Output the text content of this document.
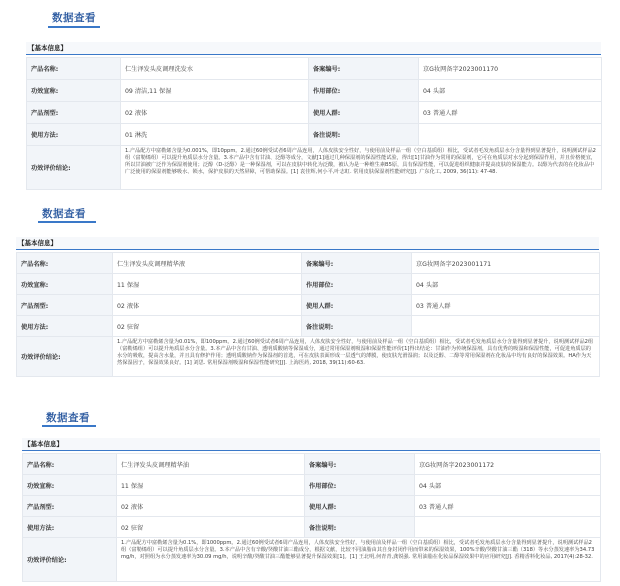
数据查看
【基本信息】
产品名称:	仁生泽发头皮调理洗发水	备案编号:	京G妆网备字2023001170
功效宣称:	09 清洁,11 保湿	作用部位:	04 头部
产品剂型:	02 液体	使用人群:	03 普通人群
使用方法:	01 淋洗	备注说明:	
功效评价结论:	1.产品配方中富勒烯含量为0.001%，即10ppm。2.通过60例受试者6周产品连用，人体皮肤安全性好，与使用前及样品一组（空白基质组）相比，受试者毛发角质层水分含量得到显著提升，说明测试样品2组（富勒烯组）可以提升角质层水分含量。3.本产品中含有甘油、泛醇等成分，文献[1]通过几种保湿剂的保湿性能试验，得出[1]甘油作为常用的保湿剂，它可在角质层对水分起到保湿作用，并且价格便宜，所以甘油被广泛作为保湿剂使用；泛醇（D-泛醇）是一种保湿剂，可以在皮肤中转化为泛酸，被认为是一种维生素B5原，具有保湿性能，可以促进组织健康并提高皮肤的保湿能力。以醇为代表的在化妆品中广泛使用的保湿剂能够吸水、锁水，保护皮肤的天然屏障，可帮助保湿。[1] 袁佳辉,何小平,叶志虹. 常用皮肤保湿剂性能研究[J]. 广东化工, 2009, 36(11): 47-48.		
数据查看
【基本信息】
产品名称:	仁生泽发头皮调理精华液	备案编号:	京G妆网备字2023001171
功效宣称:	11 保湿	作用部位:	04 头部
产品剂型:	02 液体	使用人群:	03 普通人群
使用方法:	02 驻留	备注说明:	
功效评价结论:	1.产品配方中富勒烯含量为0.01%，即100ppm。2.通过60例受试者6周产品连用，人体皮肤安全性好，与使用前及样品一组（空白基质组）相比，受试者毛发角质层水分含量得到显著提升，说明测试样品2组（富勒烯组）可以提升角质层水分含量。3.本产品中含有甘油、透明质酸钠等保湿成分，通过常用保湿剂吸湿和保湿性能评价[1]得出结论：甘油作为传统保湿剂，具有优秀的吸湿和保湿性能，可促进角质层的水分的吸收，提高含水量，并且具有修护作用；透明质酸钠作为保湿剂的首选，可在皮肤表面形成一层透气的薄膜，使皮肤光滑湿润；以及泛醇、二醇等常用保湿剂在化妆品中均有良好的保湿效果。HA作为天然保湿因子，保湿效果良好。[1] 刘思. 常用保湿剂吸湿和保湿性能研究[J]. 上海医药, 2018, 39(11):60-63.		
数据查看
【基本信息】
产品名称:	仁生泽发头皮调理精华油	备案编号:	京G妆网备字2023001172
功效宣称:	11 保湿	作用部位:	04 头部
产品剂型:	02 液体	使用人群:	03 普通人群
使用方法:	02 驻留	备注说明:	
功效评价结论:	1.产品配方中富勒烯含量为0.1%，即1000ppm。2.通过60例受试者6周产品连用，人体皮肤安全性好，与使用前及样品一组（空白基质组）相比，受试者毛发角质层水分含量得到显著提升，说明测试样品2组（富勒烯组）可以提升角质层水分含量。3.本产品中含有辛酸/癸酸甘油三酯成分，根据文献，比较不同油脂由其自身封闭作用而带来的保湿效果，100%辛酸/癸酸甘油三酯（318）等水分蒸发速率为34.73 mg/h，对照组为水分蒸发速率为30.09 mg/h，说明辛酸/癸酸甘油三酯能够显著提升保湿效果[1]。[1] 王北明,何青青,龚锐强. 常用油脂在化妆品保湿效果中的应用研究[J]. 香精香料化妆品, 2017(4):28-32.		
